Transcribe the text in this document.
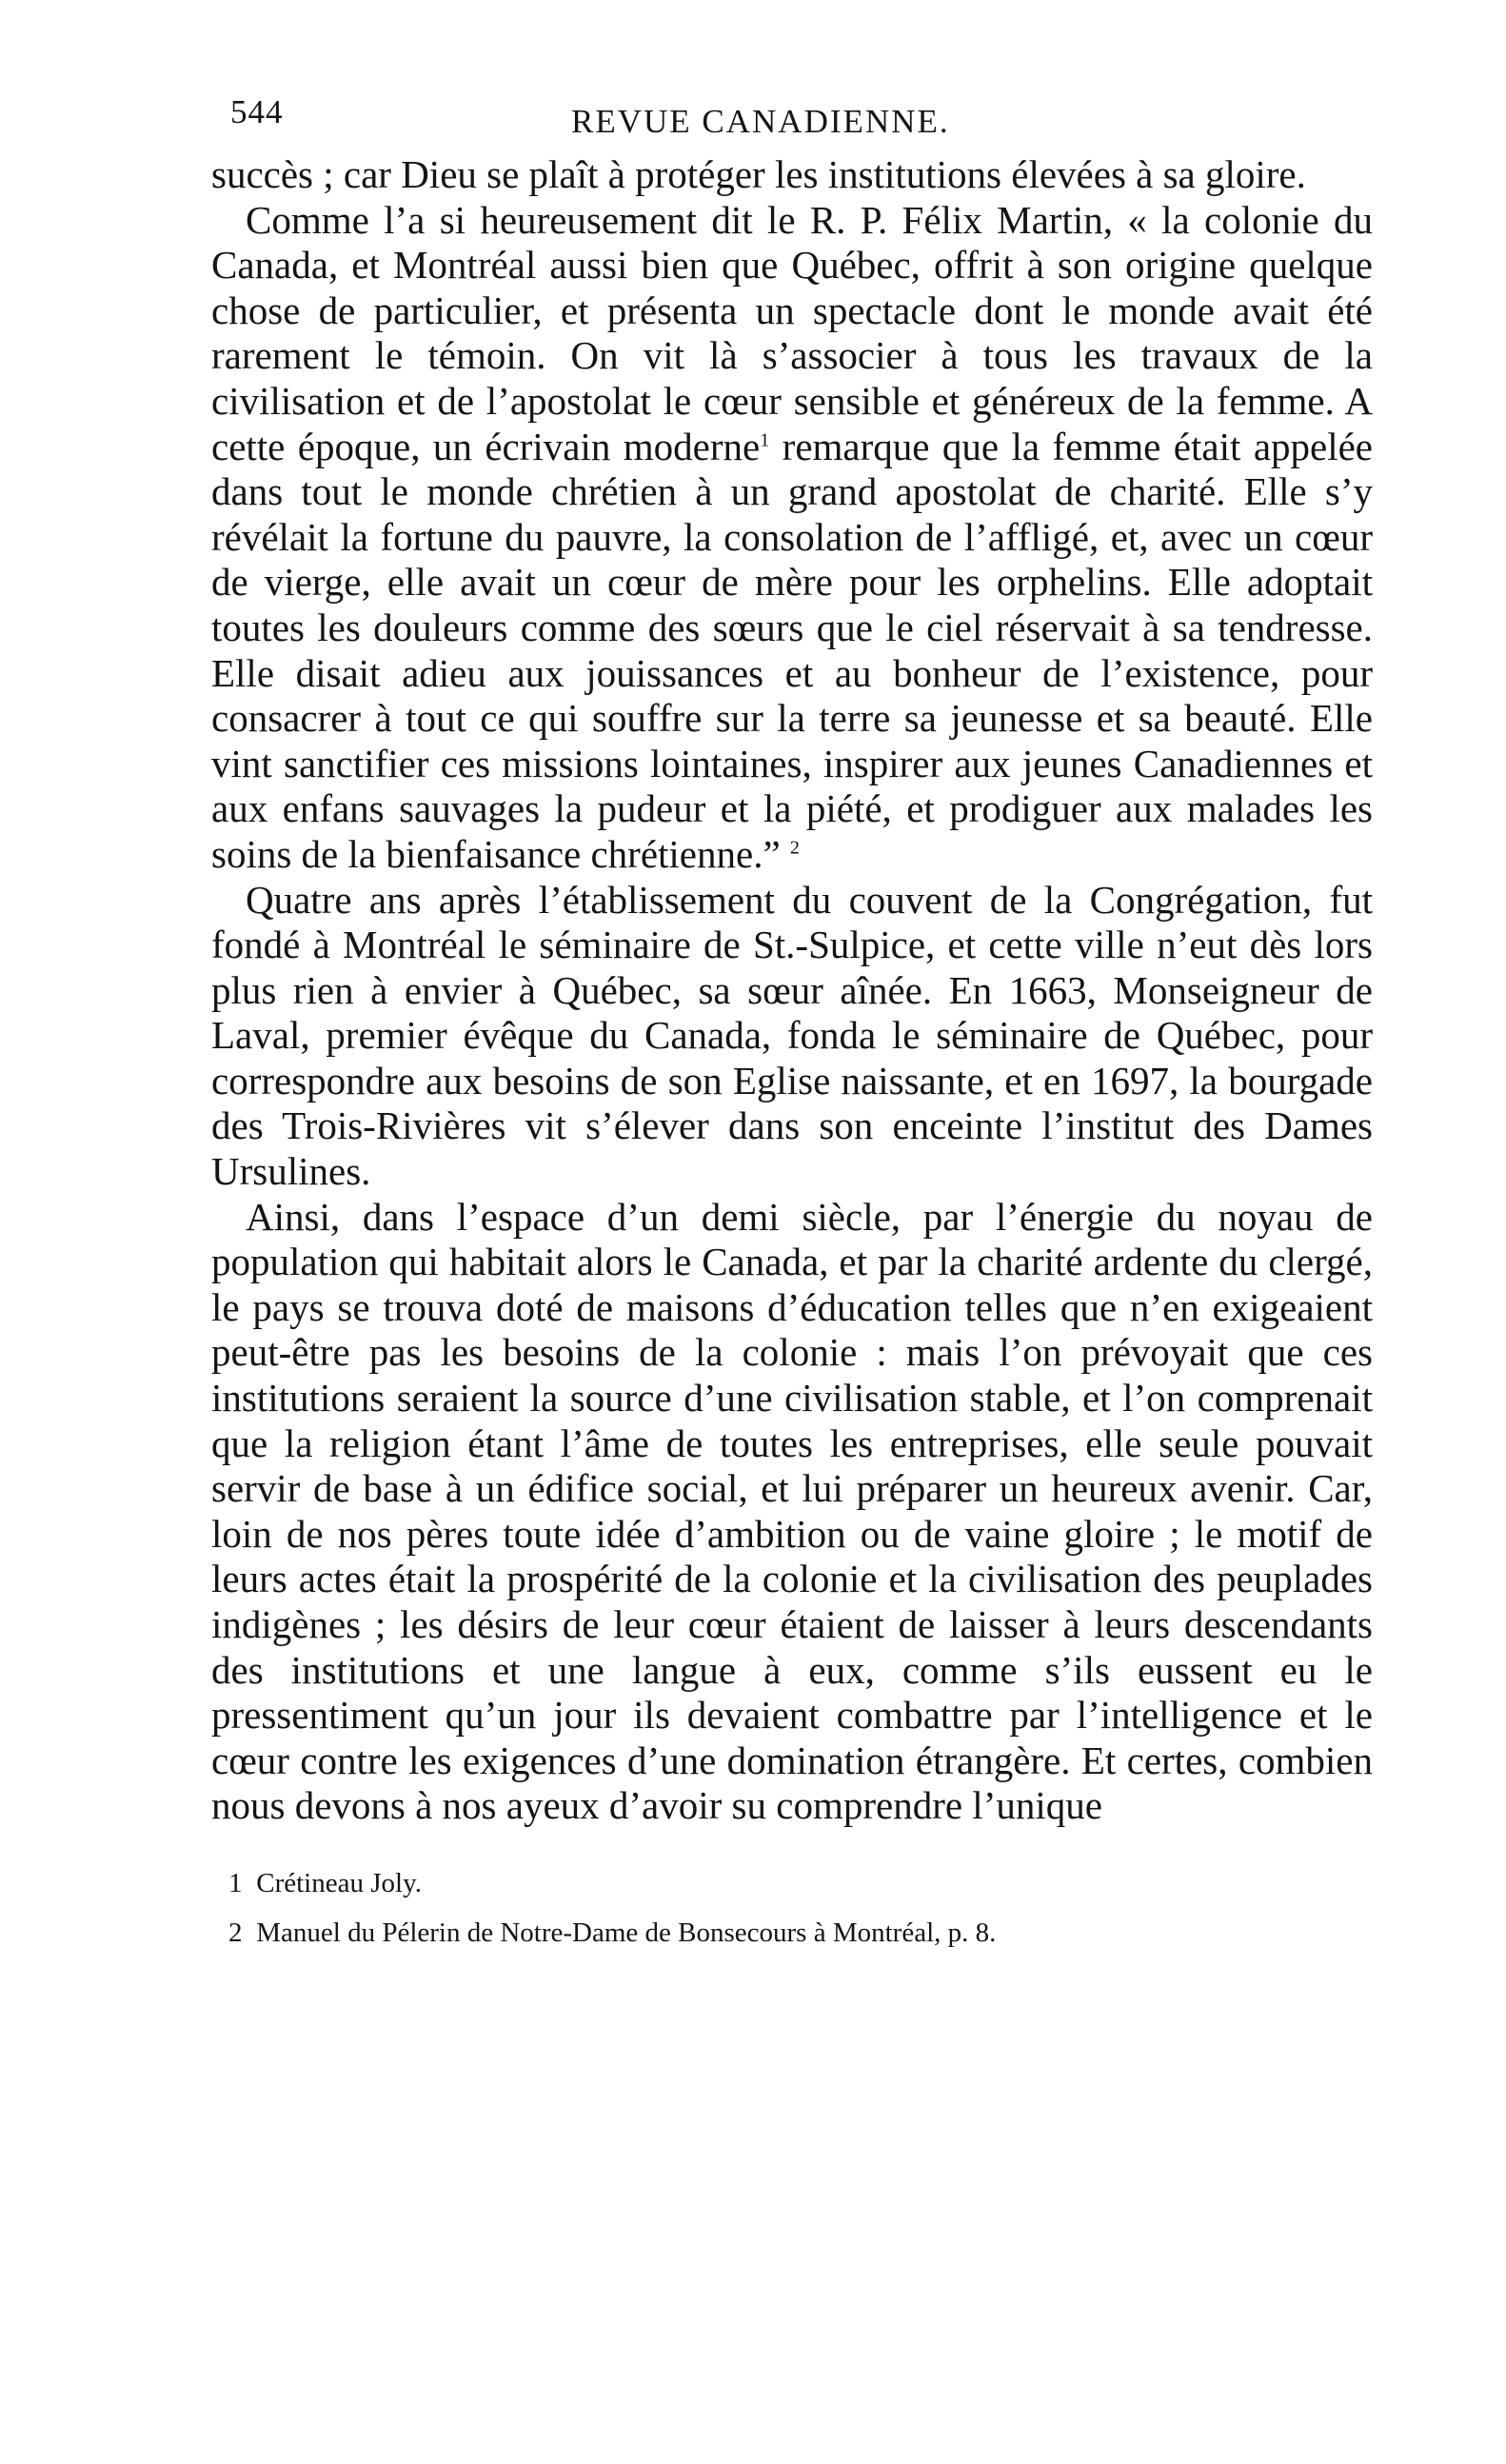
544	REVUE CANADIENNE.

succès ; car Dieu se plaît à protéger les institutions élevées à sa gloire.

Comme l’a si heureusement dit le R. P. Félix Martin, « la colonie du Canada, et Montréal aussi bien que Québec, offrit à son origine quelque chose de particulier, et présenta un spectacle dont le monde avait été rarement le témoin. On vit là s’associer à tous les travaux de la civilisation et de l’apostolat le cœur sensible et généreux de la femme. A cette époque, un écrivain moderne$^1$ remarque que la femme était appelée dans tout le monde chrétien à un grand apostolat de charité. Elle s’y révélait la fortune du pauvre, la consolation de l’affligé, et, avec un cœur de vierge, elle avait un cœur de mère pour les orphelins. Elle adoptait toutes les douleurs comme des sœurs que le ciel réservait à sa tendresse. Elle disait adieu aux jouissances et au bonheur de l’existence, pour consacrer à tout ce qui souffre sur la terre sa jeunesse et sa beauté. Elle vint sanctifier ces missions lointaines, inspirer aux jeunes Canadiennes et aux enfans sauvages la pudeur et la piété, et prodiguer aux malades les soins de la bienfaisance chrétienne.” $^2$

Quatre ans après l’établissement du couvent de la Congrégation, fut fondé à Montréal le séminaire de St.-Sulpice, et cette ville n’eut dès lors plus rien à envier à Québec, sa sœur aînée. En 1663, Monseigneur de Laval, premier évêque du Canada, fonda le séminaire de Québec, pour correspondre aux besoins de son Eglise naissante, et en 1697, la bourgade des Trois-Rivières vit s’élever dans son enceinte l’institut des Dames Ursulines.

Ainsi, dans l’espace d’un demi siècle, par l’énergie du noyau de population qui habitait alors le Canada, et par la charité ardente du clergé, le pays se trouva doté de maisons d’éducation telles que n’en exigeaient peut-être pas les besoins de la colonie : mais l’on prévoyait que ces institutions seraient la source d’une civilisation stable, et l’on comprenait que la religion étant l’âme de toutes les entreprises, elle seule pouvait servir de base à un édifice social, et lui préparer un heureux avenir. Car, loin de nos pères toute idée d’ambition ou de vaine gloire ; le motif de leurs actes était la prospérité de la colonie et la civilisation des peuplades indigènes ; les désirs de leur cœur étaient de laisser à leurs descendants des institutions et une langue à eux, comme s’ils eussent eu le pressentiment qu’un jour ils devaient combattre par l’intelligence et le cœur contre les exigences d’une domination étrangère. Et certes, combien nous devons à nos ayeux d’avoir su comprendre l’unique

1 Crétineau Joly.
2 Manuel du Pélerin de Notre-Dame de Bonsecours à Montréal, p. 8.
